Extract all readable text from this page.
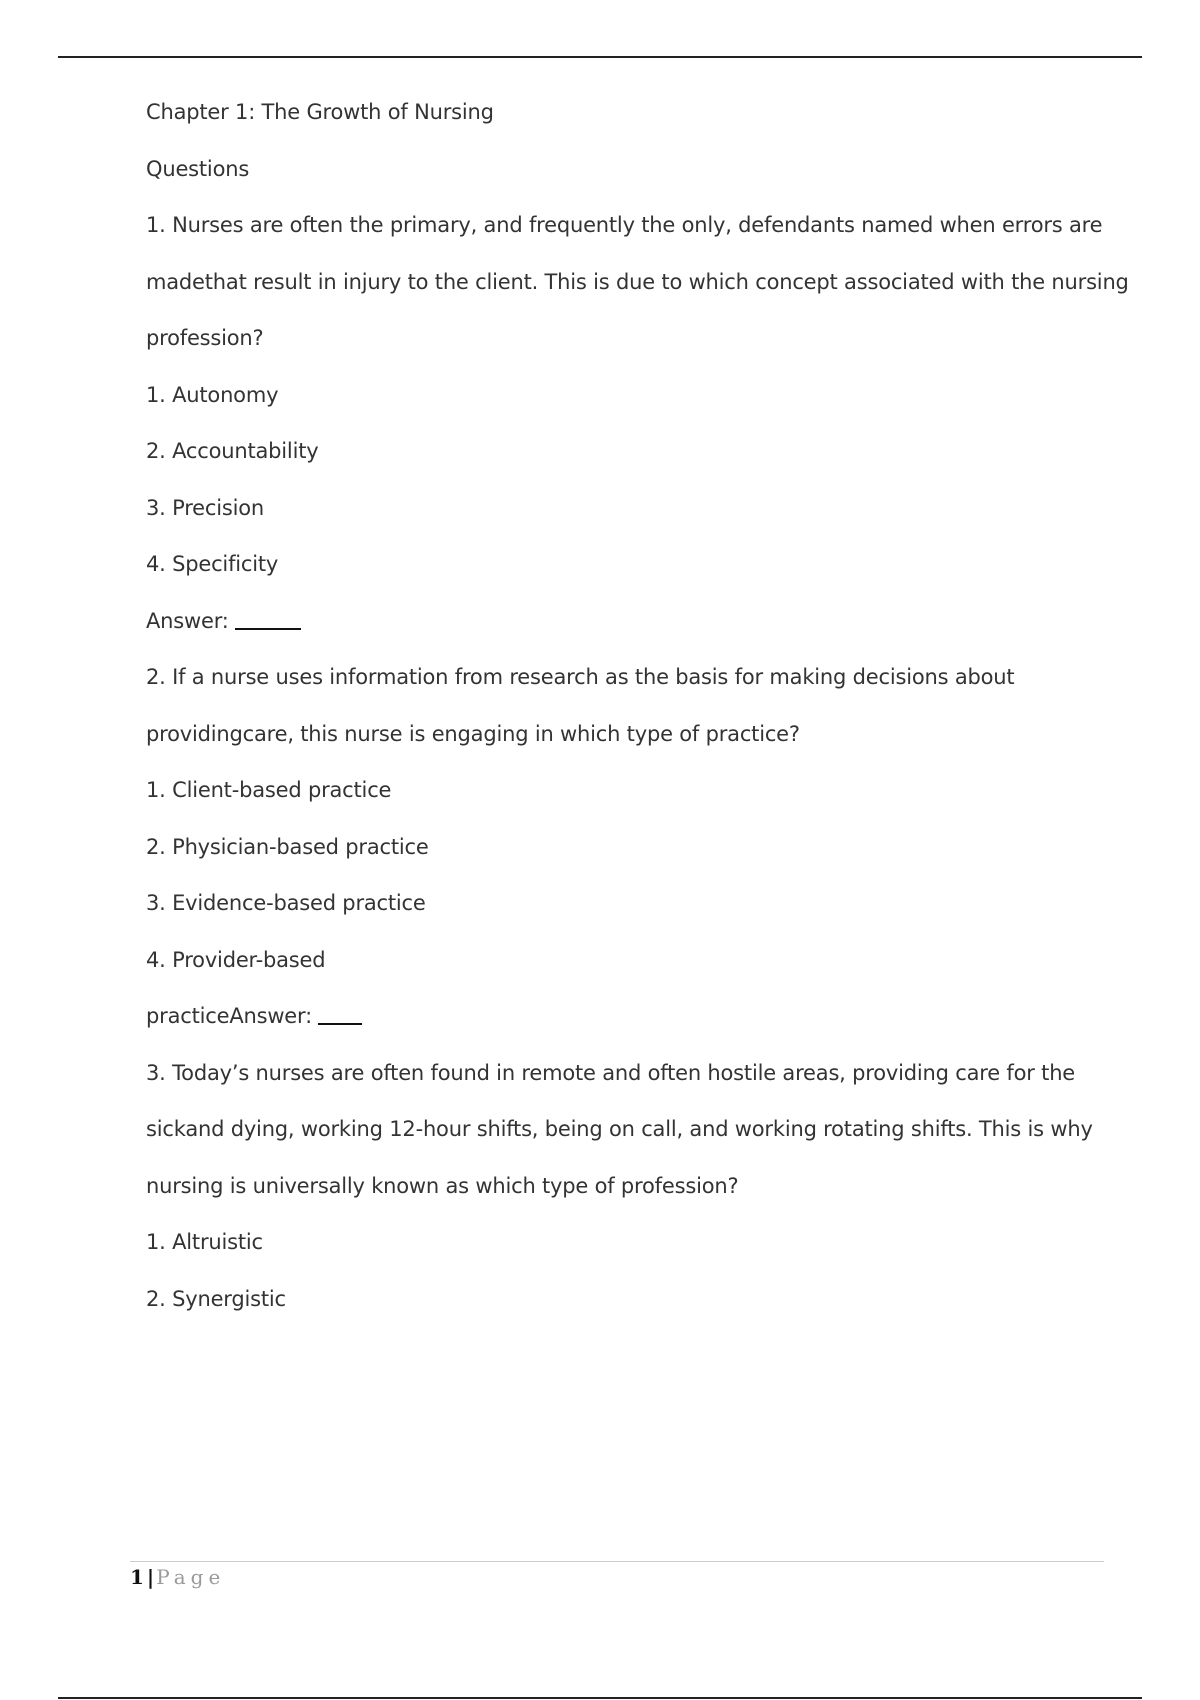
Chapter 1: The Growth of Nursing
Questions
1. Nurses are often the primary, and frequently the only, defendants named when errors are
madethat result in injury to the client. This is due to which concept associated with the nursing
profession?
1. Autonomy
2. Accountability
3. Precision
4. Specificity
Answer:
2. If a nurse uses information from research as the basis for making decisions about
providingcare, this nurse is engaging in which type of practice?
1. Client-based practice
2. Physician-based practice
3. Evidence-based practice
4. Provider-based
practiceAnswer:
3. Today’s nurses are often found in remote and often hostile areas, providing care for the
sickand dying, working 12-hour shifts, being on call, and working rotating shifts. This is why
nursing is universally known as which type of profession?
1. Altruistic
2. Synergistic
1 | Page
